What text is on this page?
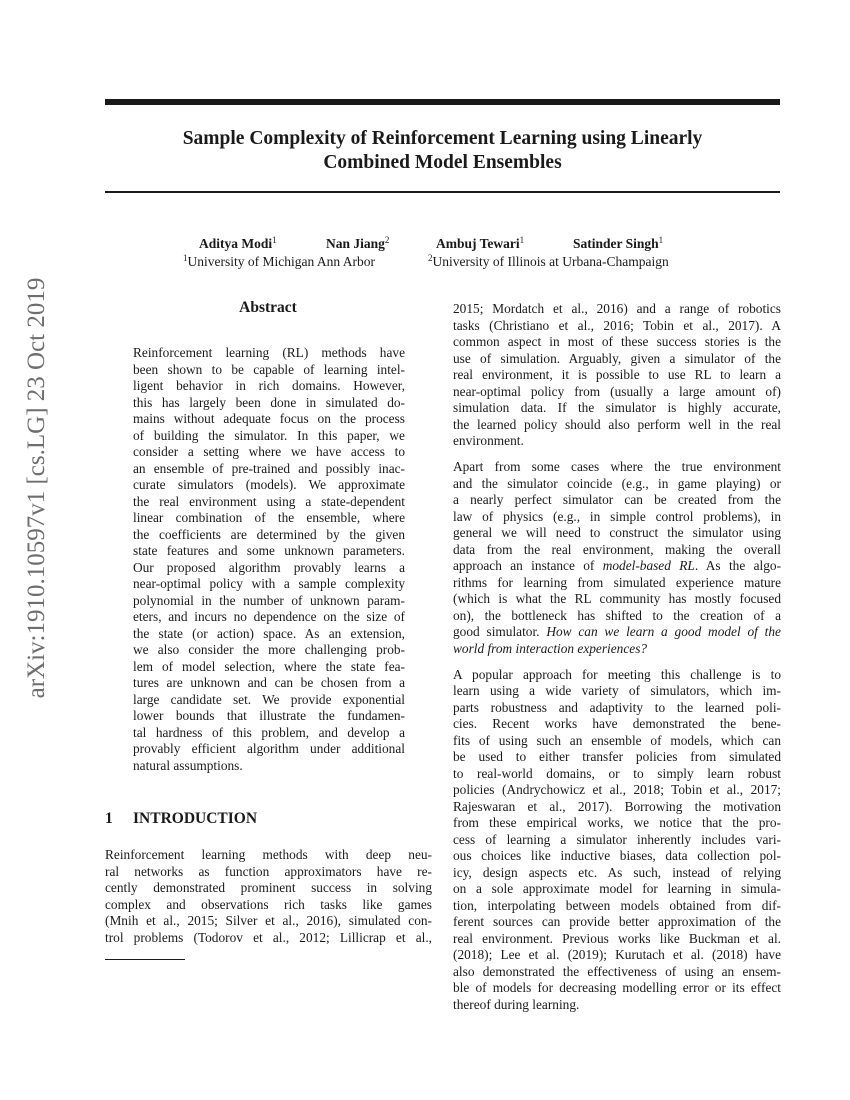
arXiv:1910.10597v1 [cs.LG] 23 Oct 2019
Sample Complexity of Reinforcement Learning using Linearly
Combined Model Ensembles
Aditya Modi$^1$	Nan Jiang$^2$	Ambuj Tewari$^1$	Satinder Singh$^1$
$^1$University of Michigan Ann Arbor	$^2$University of Illinois at Urbana-Champaign
Abstract
Reinforcement learning (RL) methods have
been shown to be capable of learning intel-
ligent behavior in rich domains. However,
this has largely been done in simulated do-
mains without adequate focus on the process
of building the simulator. In this paper, we
consider a setting where we have access to
an ensemble of pre-trained and possibly inac-
curate simulators (models). We approximate
the real environment using a state-dependent
linear combination of the ensemble, where
the coefficients are determined by the given
state features and some unknown parameters.
Our proposed algorithm provably learns a
near-optimal policy with a sample complexity
polynomial in the number of unknown param-
eters, and incurs no dependence on the size of
the state (or action) space. As an extension,
we also consider the more challenging prob-
lem of model selection, where the state fea-
tures are unknown and can be chosen from a
large candidate set. We provide exponential
lower bounds that illustrate the fundamen-
tal hardness of this problem, and develop a
provably efficient algorithm under additional
natural assumptions.
1 INTRODUCTION
Reinforcement learning methods with deep neu-
ral networks as function approximators have re-
cently demonstrated prominent success in solving
complex and observations rich tasks like games
(Mnih et al., 2015; Silver et al., 2016), simulated con-
trol problems (Todorov et al., 2012; Lillicrap et al.,
2015; Mordatch et al., 2016) and a range of robotics
tasks (Christiano et al., 2016; Tobin et al., 2017). A
common aspect in most of these success stories is the
use of simulation. Arguably, given a simulator of the
real environment, it is possible to use RL to learn a
near-optimal policy from (usually a large amount of)
simulation data. If the simulator is highly accurate,
the learned policy should also perform well in the real
environment.
Apart from some cases where the true environment
and the simulator coincide (e.g., in game playing) or
a nearly perfect simulator can be created from the
law of physics (e.g., in simple control problems), in
general we will need to construct the simulator using
data from the real environment, making the overall
approach an instance of model-based RL. As the algo-
rithms for learning from simulated experience mature
(which is what the RL community has mostly focused
on), the bottleneck has shifted to the creation of a
good simulator. How can we learn a good model of the
world from interaction experiences?
A popular approach for meeting this challenge is to
learn using a wide variety of simulators, which im-
parts robustness and adaptivity to the learned poli-
cies. Recent works have demonstrated the bene-
fits of using such an ensemble of models, which can
be used to either transfer policies from simulated
to real-world domains, or to simply learn robust
policies (Andrychowicz et al., 2018; Tobin et al., 2017;
Rajeswaran et al., 2017). Borrowing the motivation
from these empirical works, we notice that the pro-
cess of learning a simulator inherently includes vari-
ous choices like inductive biases, data collection pol-
icy, design aspects etc. As such, instead of relying
on a sole approximate model for learning in simula-
tion, interpolating between models obtained from dif-
ferent sources can provide better approximation of the
real environment. Previous works like Buckman et al.
(2018); Lee et al. (2019); Kurutach et al. (2018) have
also demonstrated the effectiveness of using an ensem-
ble of models for decreasing modelling error or its effect
thereof during learning.
